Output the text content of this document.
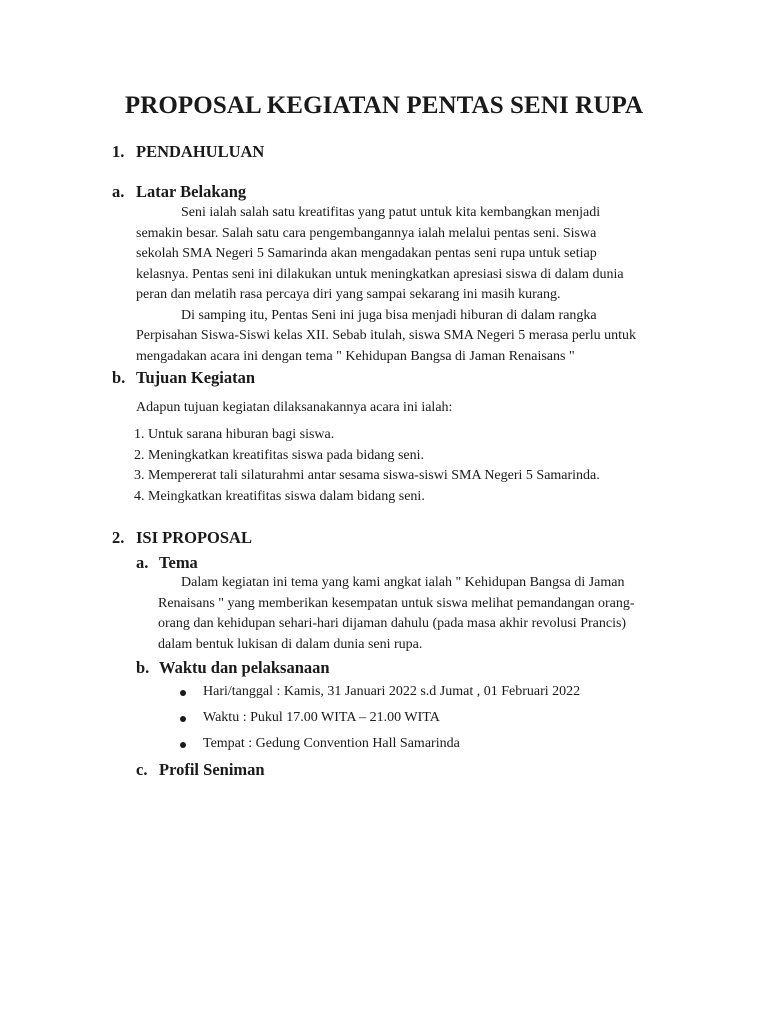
PROPOSAL KEGIATAN PENTAS SENI RUPA
1. PENDAHULUAN
a. Latar Belakang
Seni ialah salah satu kreatifitas yang patut untuk kita kembangkan menjadi
semakin besar. Salah satu cara pengembangannya ialah melalui pentas seni. Siswa
sekolah SMA Negeri 5 Samarinda akan mengadakan pentas seni rupa untuk setiap
kelasnya. Pentas seni ini dilakukan untuk meningkatkan apresiasi siswa di dalam dunia
peran dan melatih rasa percaya diri yang sampai sekarang ini masih kurang.
Di samping itu, Pentas Seni ini juga bisa menjadi hiburan di dalam rangka
Perpisahan Siswa-Siswi kelas XII. Sebab itulah, siswa SMA Negeri 5 merasa perlu untuk
mengadakan acara ini dengan tema " Kehidupan Bangsa di Jaman Renaisans "
b. Tujuan Kegiatan
Adapun tujuan kegiatan dilaksanakannya acara ini ialah:
1. Untuk sarana hiburan bagi siswa.
2. Meningkatkan kreatifitas siswa pada bidang seni.
3. Mempererat tali silaturahmi antar sesama siswa-siswi SMA Negeri 5 Samarinda.
4. Meingkatkan kreatifitas siswa dalam bidang seni.
2. ISI PROPOSAL
a. Tema
Dalam kegiatan ini tema yang kami angkat ialah " Kehidupan Bangsa di Jaman
Renaisans " yang memberikan kesempatan untuk siswa melihat pemandangan orang-
orang dan kehidupan sehari-hari dijaman dahulu (pada masa akhir revolusi Prancis)
dalam bentuk lukisan di dalam dunia seni rupa.
b. Waktu dan pelaksanaan
Hari/tanggal : Kamis, 31 Januari 2022 s.d Jumat , 01 Februari 2022
Waktu : Pukul 17.00 WITA – 21.00 WITA
Tempat : Gedung Convention Hall Samarinda
c. Profil Seniman
